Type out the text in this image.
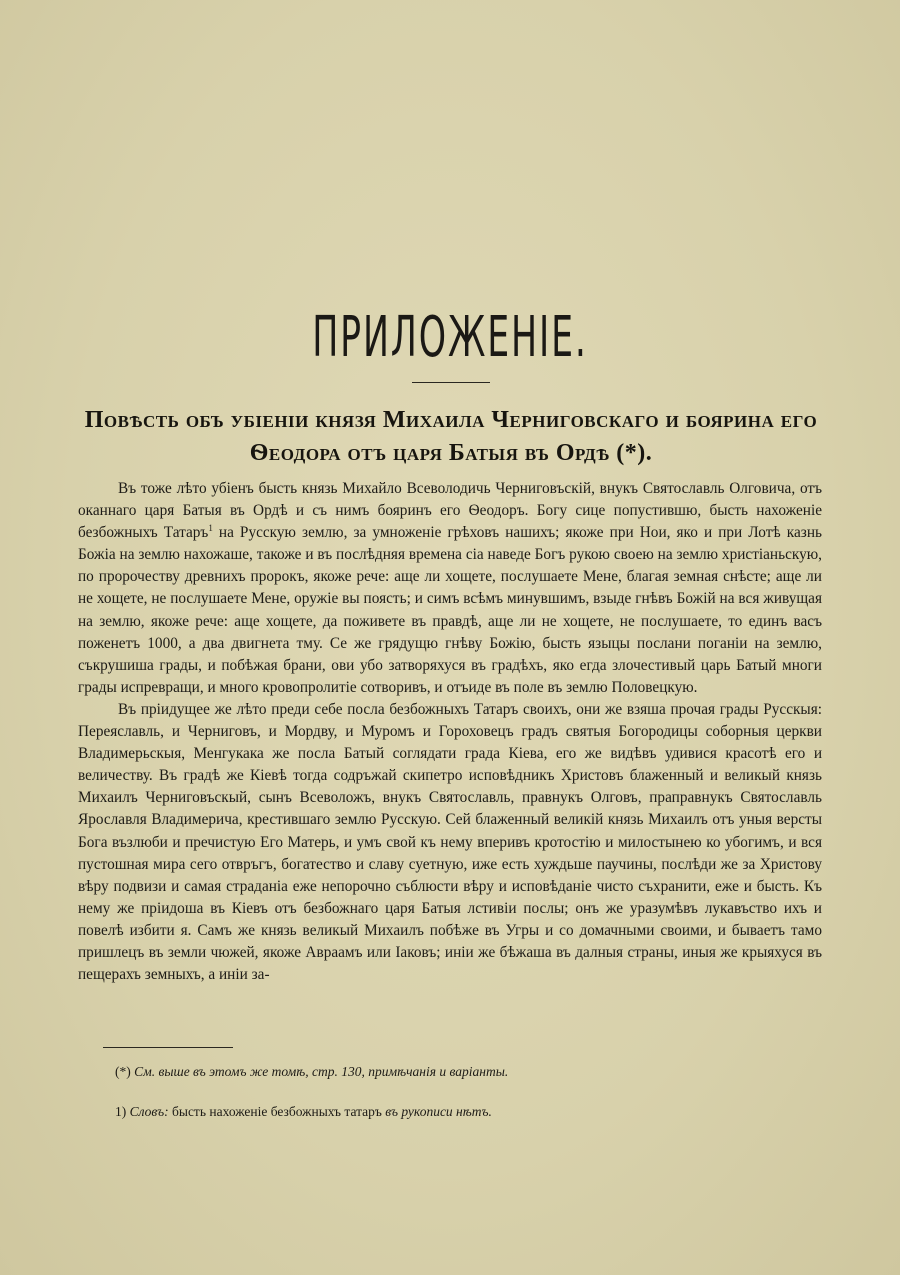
ПРИЛОЖЕНІЕ.
Повѣсть объ убіеніи князя Михаила Черниговскаго и боярина его Ѳеодора отъ царя Батыя въ Ордѣ (*).

Въ тоже лѣто убіенъ бысть князь Михайло Всеволодичь Черниговъскій, внукъ Святославль Олговича, отъ оканнаго царя Батыя въ Ордѣ и съ нимъ бояринъ его Ѳеодоръ. Богу сице попустившю, бысть нахоженіе безбожныхъ Татаръ$^1$ на Русскую землю, за умноженіе грѣховъ нашихъ; якоже при Нои, яко и при Лотѣ казнь Божіа на землю нахожаше, такоже и въ послѣдняя времена сіа наведе Богъ рукою своею на землю христіаньскую, по пророчеству древнихъ пророкъ, якоже рече: аще ли хощете, послушаете Мене, благая земная снѣсте; аще ли не хощете, не послушаете Мене, оружіе вы поясть; и симъ всѣмъ минувшимъ, взыде гнѣвъ Божій на вся живущая на землю, якоже рече: аще хощете, да поживете въ правдѣ, аще ли не хощете, не послушаете, то единъ васъ поженетъ 1000, а два двигнета тму. Се же грядущю гнѣву Божію, бысть языцы послани поганіи на землю, съкрушиша грады, и побѣжая брани, ови убо затворяхуся въ градѣхъ, яко егда злочестивый царь Батый многи грады испревращи, и много кровопролитіе сотворивъ, и отъиде въ поле въ землю Половецкую.

Въ пріидущее же лѣто преди себе посла безбожныхъ Татаръ своихъ, они же взяша прочая грады Русскыя: Переяславль, и Черниговъ, и Мордву, и Муромъ и Гороховецъ градъ святыя Богородицы соборныя церкви Владимерьскыя, Менгукака же посла Батый соглядати града Кіева, его же видѣвъ удивися красотѣ его и величеству. Въ градѣ же Кіевѣ тогда содръжай скипетро исповѣдникъ Христовъ блаженный и великый князь Михаилъ Черниговъскый, сынъ Всеволожъ, внукъ Святославль, правнукъ Олговъ, праправнукъ Святославль Ярославля Владимерича, крестившаго землю Русскую. Сей блаженный великій князь Михаилъ отъ уныя версты Бога възлюби и пречистую Его Матерь, и умъ свой къ нему вперивъ кротостію и милостынею ко убогимъ, и вся пустошная мира сего отвръгъ, богатество и славу суетную, иже есть хуждьше паучины, послѣди же за Христову вѣру подвизи и самая страданіа еже непорочно съблюсти вѣру и исповѣданіе чисто съхранити, еже и бысть. Къ нему же пріидоша въ Кіевъ отъ безбожнаго царя Батыя лстивіи послы; онъ же уразумѣвъ лукавъство ихъ и повелѣ избити я. Самъ же князь великый Михаилъ побѣже въ Угры и со домачными своими, и бываетъ тамо пришлецъ въ земли чюжей, якоже Авраамъ или Іаковъ; иніи же бѣжаша въ далныя страны, иныя же крыяхуся въ пещерахъ земныхъ, а иніи за-

(*) См. выше въ этомъ же томѣ, стр. 130, примѣчанія и варіанты.
1) Словъ: бысть нахоженіе безбожныхъ татаръ въ рукописи нѣтъ.
